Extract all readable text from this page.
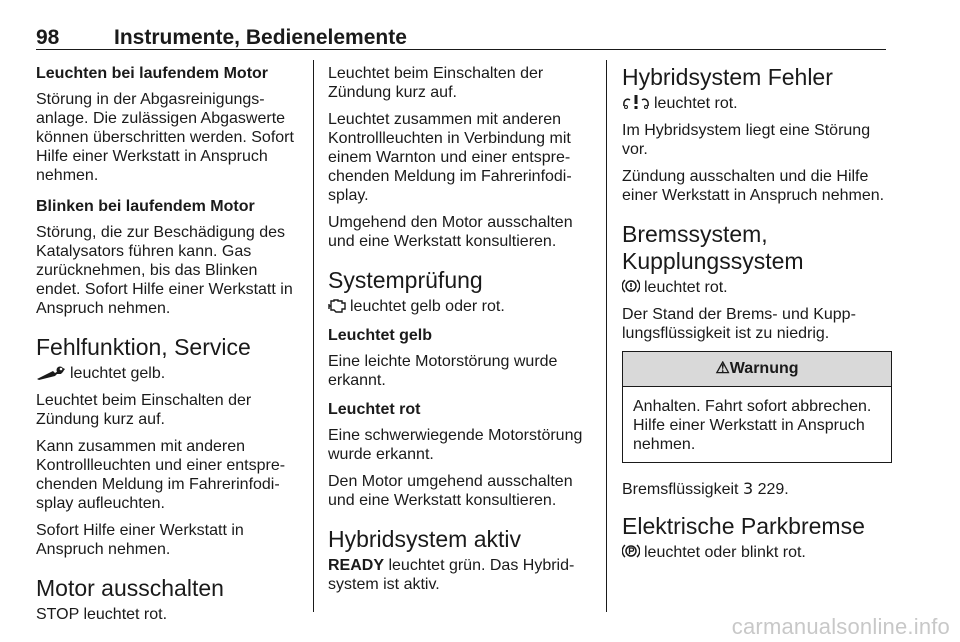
98	Instrumente, Bedienelemente
Leuchten bei laufendem Motor

Störung in der Abgasreinigungs-anlage. Die zulässigen Abgaswerte können überschritten werden. Sofort Hilfe einer Werkstatt in Anspruch nehmen.

Blinken bei laufendem Motor

Störung, die zur Beschädigung des Katalysators führen kann. Gas zurücknehmen, bis das Blinken endet. Sofort Hilfe einer Werkstatt in Anspruch nehmen.

Fehlfunktion, Service

leuchtet gelb.

Leuchtet beim Einschalten der Zündung kurz auf.

Kann zusammen mit anderen Kontrollleuchten und einer entspre-chenden Meldung im Fahrerinfodi-splay aufleuchten.

Sofort Hilfe einer Werkstatt in Anspruch nehmen.

Motor ausschalten

STOP leuchtet rot.

Leuchtet beim Einschalten der Zündung kurz auf.

Leuchtet zusammen mit anderen Kontrollleuchten in Verbindung mit einem Warnton und einer entspre-chenden Meldung im Fahrerinfodi-splay.

Umgehend den Motor ausschalten und eine Werkstatt konsultieren.

Systemprüfung

leuchtet gelb oder rot.

Leuchtet gelb

Eine leichte Motorstörung wurde erkannt.

Leuchtet rot

Eine schwerwiegende Motorstörung wurde erkannt.

Den Motor umgehend ausschalten und eine Werkstatt konsultieren.

Hybridsystem aktiv

READY leuchtet grün. Das Hybrid-system ist aktiv.

Hybridsystem Fehler

leuchtet rot.

Im Hybridsystem liegt eine Störung vor.

Zündung ausschalten und die Hilfe einer Werkstatt in Anspruch nehmen.

Bremssystem,
Kupplungssystem

leuchtet rot.

Der Stand der Brems- und Kupp-lungsflüssigkeit ist zu niedrig.

⚠Warnung

Anhalten. Fahrt sofort abbrechen. Hilfe einer Werkstatt in Anspruch nehmen.

Bremsflüssigkeit 3 229.

Elektrische Parkbremse

leuchtet oder blinkt rot.

carmanualsonline.info
